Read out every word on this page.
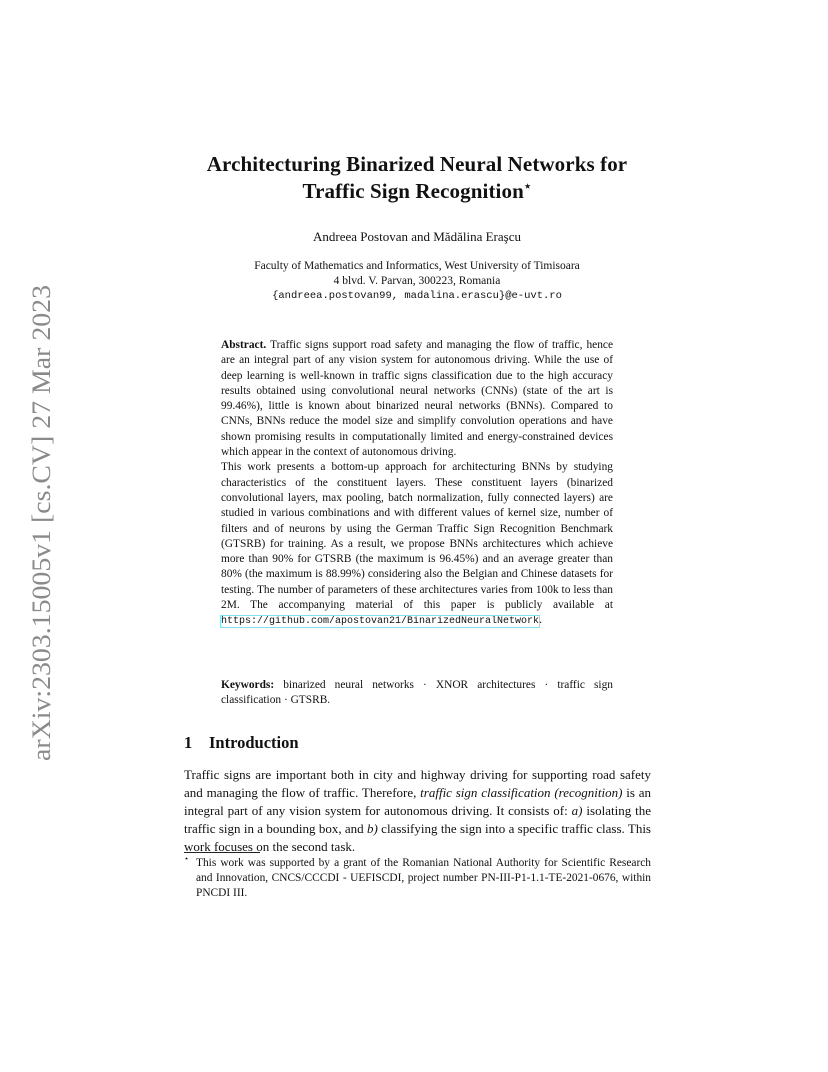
arXiv:2303.15005v1 [cs.CV] 27 Mar 2023
Architecturing Binarized Neural Networks for
Traffic Sign Recognition⋆
Andreea Postovan and Mădălina Eraşcu
Faculty of Mathematics and Informatics, West University of Timisoara
4 blvd. V. Parvan, 300223, Romania
{andreea.postovan99, madalina.erascu}@e-uvt.ro

Abstract. Traffic signs support road safety and managing the flow of traffic, hence are an integral part of any vision system for autonomous driving. While the use of deep learning is well-known in traffic signs classification due to the high accuracy results obtained using convolutional neural networks (CNNs) (state of the art is 99.46%), little is known about binarized neural networks (BNNs). Compared to CNNs, BNNs reduce the model size and simplify convolution operations and have shown promising results in computationally limited and energy-constrained devices which appear in the context of autonomous driving.

This work presents a bottom-up approach for architecturing BNNs by studying characteristics of the constituent layers. These constituent layers (binarized convolutional layers, max pooling, batch normalization, fully connected layers) are studied in various combinations and with different values of kernel size, number of filters and of neurons by using the German Traffic Sign Recognition Benchmark (GTSRB) for training. As a result, we propose BNNs architectures which achieve more than 90% for GTSRB (the maximum is 96.45%) and an average greater than 80% (the maximum is 88.99%) considering also the Belgian and Chinese datasets for testing. The number of parameters of these architectures varies from 100k to less than 2M. The accompanying material of this paper is publicly available at https://github.com/apostovan21/BinarizedNeuralNetwork.

Keywords: binarized neural networks · XNOR architectures · traffic sign classification · GTSRB.
1 Introduction

Traffic signs are important both in city and highway driving for supporting road safety and managing the flow of traffic. Therefore, traffic sign classification (recognition) is an integral part of any vision system for autonomous driving. It consists of: a) isolating the traffic sign in a bounding box, and b) classifying the sign into a specific traffic class. This work focuses on the second task.

⋆ This work was supported by a grant of the Romanian National Authority for Scientific Research and Innovation, CNCS/CCCDI - UEFISCDI, project number PN-III-P1-1.1-TE-2021-0676, within PNCDI III.
